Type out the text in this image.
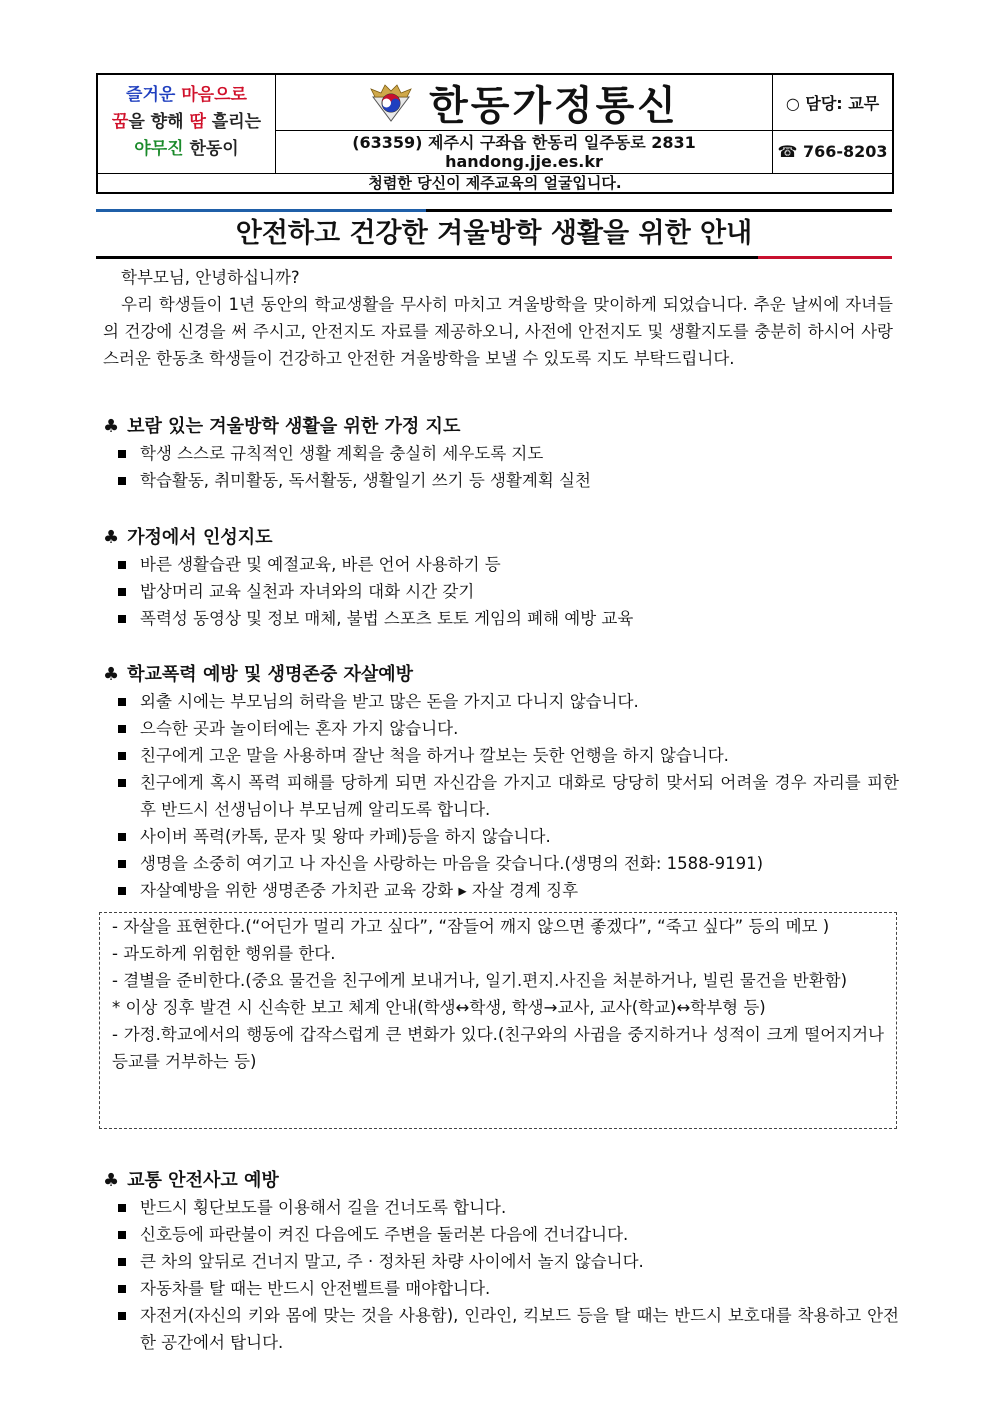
즐거운 마음으로
꿈을 향해 땀 흘리는
야무진 한동이
한동가정통신
(63359) 제주시 구좌읍 한동리 일주동로 2831
handong.jje.es.kr
○ 담당: 교무
☎ 766-8203
청렴한 당신이 제주교육의 얼굴입니다.
안전하고 건강한 겨울방학 생활을 위한 안내
학부모님, 안녕하십니까?
우리 학생들이 1년 동안의 학교생활을 무사히 마치고 겨울방학을 맞이하게 되었습니다. 추운 날씨에 자녀들의 건강에 신경을 써 주시고, 안전지도 자료를 제공하오니, 사전에 안전지도 및 생활지도를 충분히 하시어 사랑스러운 한동초 학생들이 건강하고 안전한 겨울방학을 보낼 수 있도록 지도 부탁드립니다.
♣ 보람 있는 겨울방학 생활을 위한 가정 지도
학생 스스로 규칙적인 생활 계획을 충실히 세우도록 지도
학습활동, 취미활동, 독서활동, 생활일기 쓰기 등 생활계획 실천
♣ 가정에서 인성지도
바른 생활습관 및 예절교육, 바른 언어 사용하기 등
밥상머리 교육 실천과 자녀와의 대화 시간 갖기
폭력성 동영상 및 정보 매체, 불법 스포츠 토토 게임의 폐해 예방 교육
♣ 학교폭력 예방 및 생명존중 자살예방
외출 시에는 부모님의 허락을 받고 많은 돈을 가지고 다니지 않습니다.
으슥한 곳과 놀이터에는 혼자 가지 않습니다.
친구에게 고운 말을 사용하며 잘난 척을 하거나 깔보는 듯한 언행을 하지 않습니다.
친구에게 혹시 폭력 피해를 당하게 되면 자신감을 가지고 대화로 당당히 맞서되 어려울 경우 자리를 피한 후 반드시 선생님이나 부모님께 알리도록 합니다.
사이버 폭력(카톡, 문자 및 왕따 카페)등을 하지 않습니다.
생명을 소중히 여기고 나 자신을 사랑하는 마음을 갖습니다.(생명의 전화: 1588-9191)
자살예방을 위한 생명존중 가치관 교육 강화 ▸ 자살 경계 징후
- 자살을 표현한다.(“어딘가 멀리 가고 싶다”, “잠들어 깨지 않으면 좋겠다”, “죽고 싶다” 등의 메모 )
- 과도하게 위험한 행위를 한다.
- 결별을 준비한다.(중요 물건을 친구에게 보내거나, 일기.편지.사진을 처분하거나, 빌린 물건을 반환함)
* 이상 징후 발견 시 신속한 보고 체계 안내(학생↔학생, 학생→교사, 교사(학교)↔학부형 등)
- 가정.학교에서의 행동에 갑작스럽게 큰 변화가 있다.(친구와의 사귐을 중지하거나 성적이 크게 떨어지거나 등교를 거부하는 등)
♣ 교통 안전사고 예방
반드시 횡단보도를 이용해서 길을 건너도록 합니다.
신호등에 파란불이 켜진 다음에도 주변을 둘러본 다음에 건너갑니다.
큰 차의 앞뒤로 건너지 말고, 주 · 정차된 차량 사이에서 놀지 않습니다.
자동차를 탈 때는 반드시 안전벨트를 매야합니다.
자전거(자신의 키와 몸에 맞는 것을 사용함), 인라인, 킥보드 등을 탈 때는 반드시 보호대를 착용하고 안전한 공간에서 탑니다.
